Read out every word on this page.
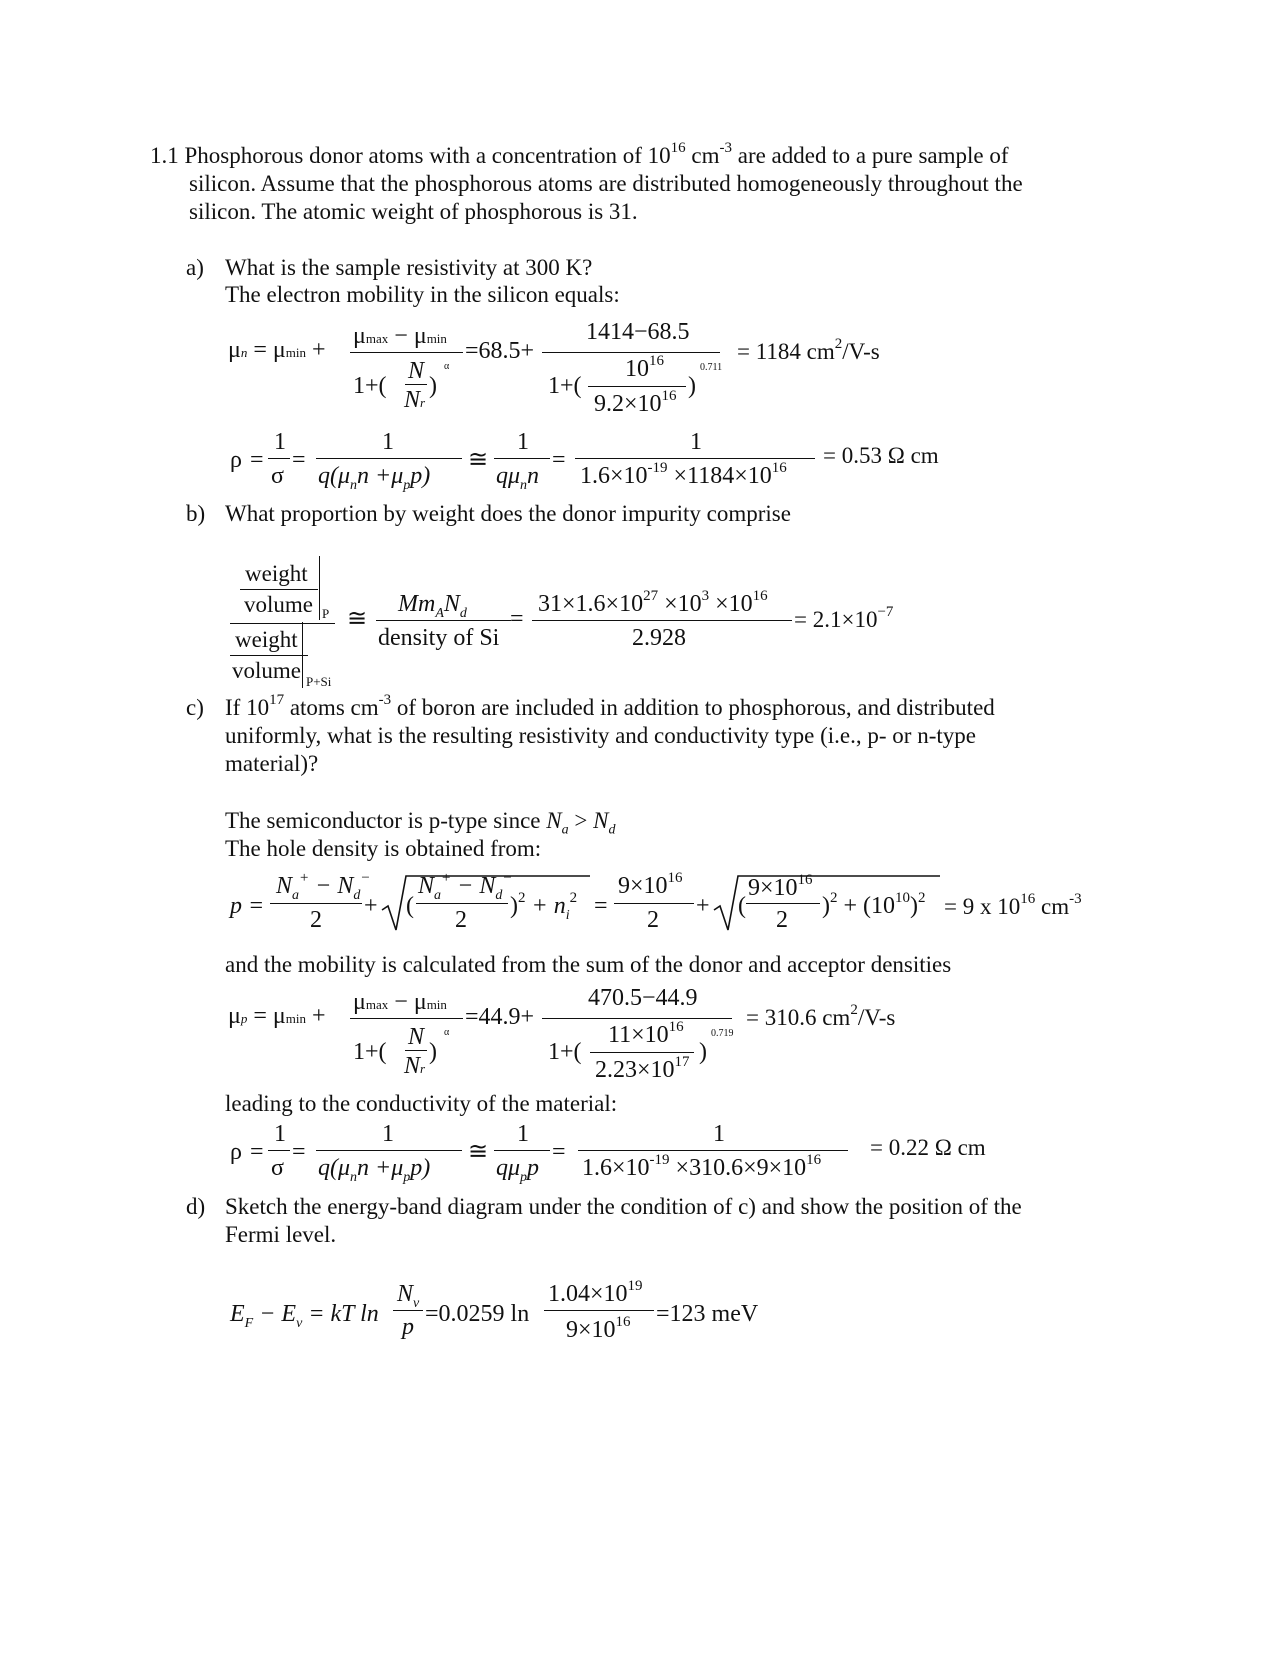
1.1 Phosphorous donor atoms with a concentration of $10^{16}$ $cm^{-3}$ are added to a pure sample of
silicon. Assume that the phosphorous atoms are distributed homogeneously throughout the
silicon. The atomic weight of phosphorous is 31.
a) What is the sample resistivity at 300 K?
The electron mobility in the silicon equals:
μn = μmin +
μmax − μmin
1+(
N
Nr
)
α
=68.5+
1414−68.5
1+(
$10^{16}$
$9.2\times 10^{16}$ )
0.711
= 1184 $cm^2/V-s$
ρ =
1
σ
=
1
$q(\mu_nn +\mu_pp)$
≅
1
$q\mu_nn$
=
1
$1.6\times 10^{-19} \times 1184\times 10^{16} = 0.53$ Ω cm
b) What proportion by weight does the donor impurity comprise
weight
volume P
weight
volume P+Si
≅
$Mm_AN_d$
density of Si
=
$31\times 1.6\times 10^{27} \times 10^3 \times 10^{16}$
2.928
= $2.1\times 10^{-7}$
c) If $10^{17}$ atoms $cm^{-3}$ of boron are included in addition to phosphorous, and distributed
uniformly, what is the resulting resistivity and conductivity type (i.e., p- or n-type
material)?
The semiconductor is p-type since $N_a > N_d$
The hole density is obtained from:
p =
$N_a^+ - N_d^-$
2
+ (
$N_a^+ - N_d^-$
2
)$^2 + n_i^2$ =
$9\times 10^{16}$
2
+ (
$9\times 10^{16}$
2
)$^2 + (10^{10})^2 = 9$ x $10^{16}$ $cm^{-3}$
and the mobility is calculated from the sum of the donor and acceptor densities
μp = μmin +
μmax − μmin
1+(
N
Nr
)
α
=44.9+
470.5−44.9
1+(
$11\times 10^{16}$
$2.23\times 10^{17}$ )
0.719
= 310.6 $cm^2/V-s$
leading to the conductivity of the material:
ρ =
1
σ
=
1
$q(\mu_nn +\mu_pp)$
≅
1
$q\mu_pp$
=
1
$1.6\times 10^{-19} \times 310.6\times 9\times 10^{16} = 0.22$ Ω cm
d) Sketch the energy-band diagram under the condition of c) and show the position of the
Fermi level.
$E_F - E_v$ = kT ln
$N_v$
p =0.0259 ln
$1.04\times 10^{19}$
$9\times 10^{16} =123$ meV
